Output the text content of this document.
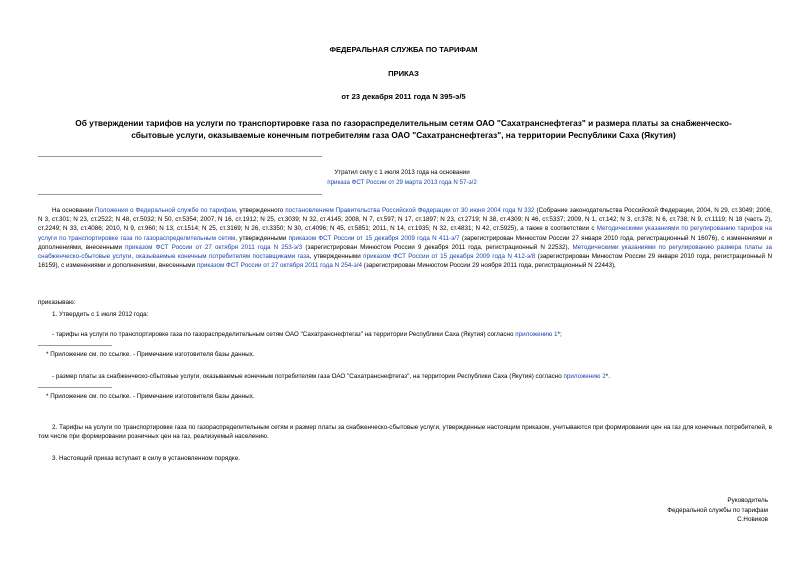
ФЕДЕРАЛЬНАЯ СЛУЖБА ПО ТАРИФАМ
ПРИКАЗ
от 23 декабря 2011 года N 395-э/5
Об утверждении тарифов на услуги по транспортировке газа по газораспределительным сетям ОАО "Сахатранснефтегаз" и размера платы за снабженческо-
сбытовые услуги, оказываемые конечным потребителям газа ОАО "Сахатранснефтегаз", на территории Республики Саха (Якутия)
Утратил силу с 1 июля 2013 года на основании
приказа ФСТ России от 29 марта 2013 года N 57-э/2

На основании Положения о Федеральной службе по тарифам, утвержденного постановлением Правительства Российской Федерации от 30 июня 2004 года N 332 (Собрание законодательства Российской Федерации, 2004, N 29, ст.3049; 2006, N 3, ст.301; N 23, ст.2522; N 48, ст.5032; N 50, ст.5354; 2007, N 16, ст.1912; N 25, ст.3039; N 32, ст.4145; 2008, N 7, ст.597; N 17, ст.1897; N 23, ст.2719; N 38, ст.4309; N 46, ст.5337; 2009, N 1, ст.142; N 3, ст.378; N 6, ст.738; N 9, ст.1119; N 18 (часть 2), ст.2249; N 33, ст.4086; 2010, N 9, ст.960; N 13, ст.1514; N 25, ст.3169; N 26, ст.3350; N 30, ст.4096; N 45, ст.5851; 2011, N 14, ст.1935; N 32, ст.4831; N 42, ст.5925), а также в соответствии с Методическими указаниями по регулированию тарифов на услуги по транспортировке газа по газораспределительным сетям, утвержденными приказом ФСТ России от 15 декабря 2009 года N 411-э/7 (зарегистрирован Минюстом России 27 января 2010 года, регистрационный N 16076), с изменениями и дополнениями, внесенными приказом ФСТ России от 27 октября 2011 года N 253-э/3 (зарегистрирован Минюстом России 9 декабря 2011 года, регистрационный N 22532), Методическими указаниями по регулированию размера платы за снабженческо-сбытовые услуги, оказываемые конечным потребителям поставщиками газа, утвержденными приказом ФСТ России от 15 декабря 2009 года N 412-э/8 (зарегистрирован Минюстом России 29 января 2010 года, регистрационный N 16159), с изменениями и дополнениями, внесенными приказом ФСТ России от 27 октября 2011 года N 254-э/4 (зарегистрирован Минюстом России 29 ноября 2011 года, регистрационный N 22443),

приказываю:
1. Утвердить с 1 июля 2012 года:
- тарифы на услуги по транспортировке газа по газораспределительным сетям ОАО "Сахатранснефтегаз" на территории Республики Саха (Якутия) согласно приложению 1*;
* Приложение см. по ссылке. - Примечание изготовителя базы данных.
- размер платы за снабженческо-сбытовые услуги, оказываемые конечным потребителям газа ОАО "Сахатранснефтегаз", на территории Республики Саха (Якутия) согласно приложению 2*.
* Приложение см. по ссылке. - Примечание изготовителя базы данных.

2. Тарифы на услуги по транспортировке газа по газораспределительным сетям и размер платы за снабженческо-сбытовые услуги, утвержденные настоящим приказом, учитываются при формировании цен на газ для конечных потребителей, в том числе при формировании розничных цен на газ, реализуемый населению.

3. Настоящий приказ вступает в силу в установленном порядке.
Руководитель
Федеральной службы по тарифам
С.Новиков
